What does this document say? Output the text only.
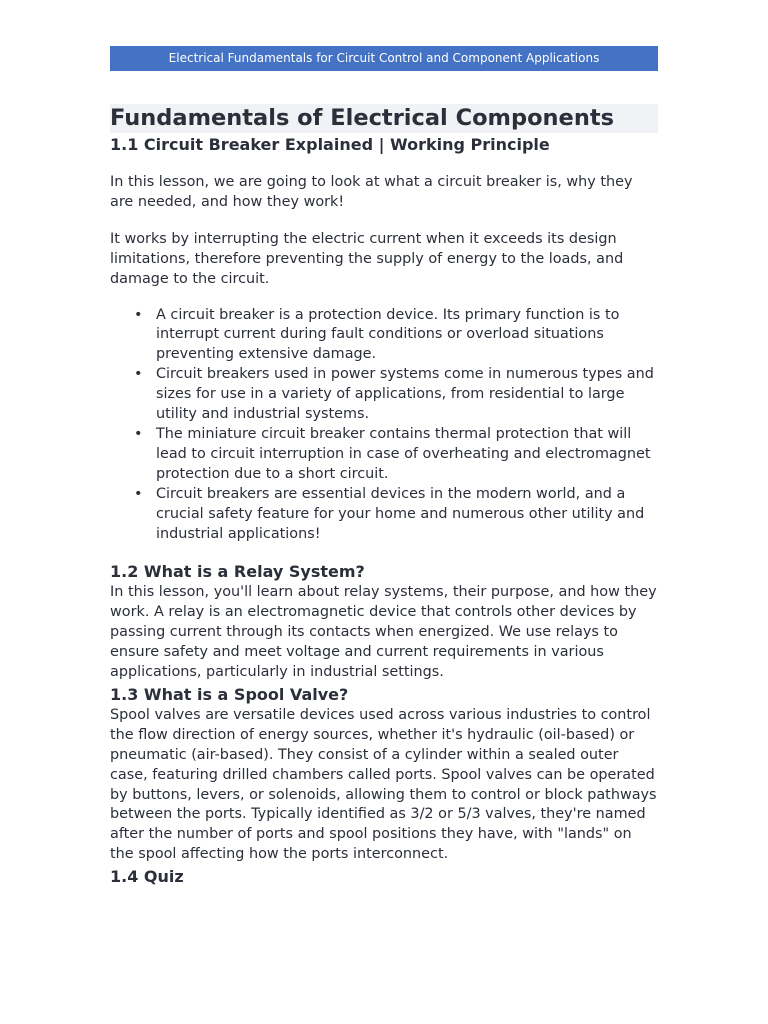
Electrical Fundamentals for Circuit Control and Component Applications
Fundamentals of Electrical Components
1.1 Circuit Breaker Explained | Working Principle

In this lesson, we are going to look at what a circuit breaker is, why they are needed, and how they work!

It works by interrupting the electric current when it exceeds its design limitations, therefore preventing the supply of energy to the loads, and damage to the circuit.

• A circuit breaker is a protection device. Its primary function is to interrupt current during fault conditions or overload situations preventing extensive damage.
• Circuit breakers used in power systems come in numerous types and sizes for use in a variety of applications, from residential to large utility and industrial systems.
• The miniature circuit breaker contains thermal protection that will lead to circuit interruption in case of overheating and electromagnet protection due to a short circuit.
• Circuit breakers are essential devices in the modern world, and a crucial safety feature for your home and numerous other utility and industrial applications!
1.2 What is a Relay System?

In this lesson, you'll learn about relay systems, their purpose, and how they work. A relay is an electromagnetic device that controls other devices by passing current through its contacts when energized. We use relays to ensure safety and meet voltage and current requirements in various applications, particularly in industrial settings.

1.3 What is a Spool Valve?

Spool valves are versatile devices used across various industries to control the flow direction of energy sources, whether it's hydraulic (oil-based) or pneumatic (air-based). They consist of a cylinder within a sealed outer case, featuring drilled chambers called ports. Spool valves can be operated by buttons, levers, or solenoids, allowing them to control or block pathways between the ports. Typically identified as 3/2 or 5/3 valves, they're named after the number of ports and spool positions they have, with "lands" on the spool affecting how the ports interconnect.

1.4 Quiz
